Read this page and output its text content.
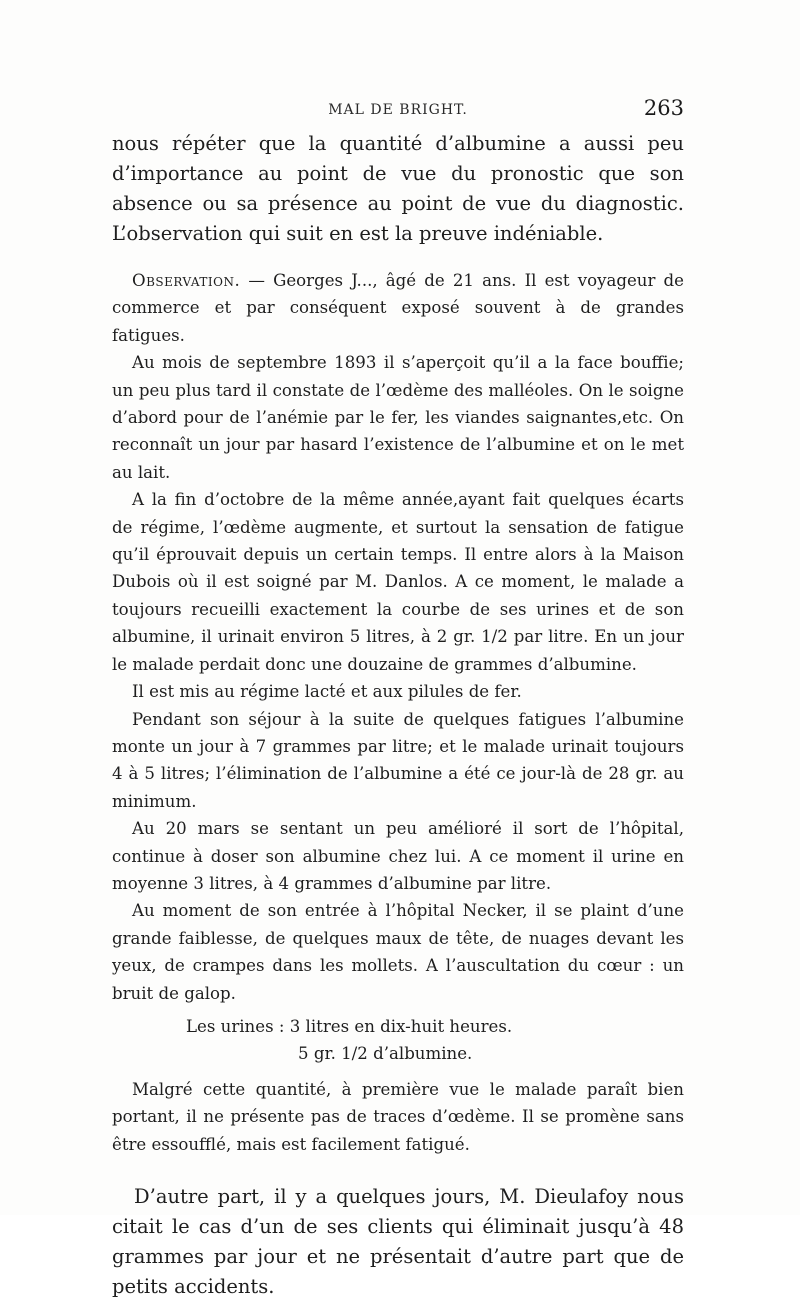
MAL DE BRIGHT.	263

nous répéter que la quantité d’albumine a aussi peu d’importance au point de vue du pronostic que son absence ou sa présence au point de vue du diagnostic. L’observation qui suit en est la preuve indéniable.

Observation. — Georges J..., âgé de 21 ans. Il est voyageur de commerce et par conséquent exposé souvent à de grandes fatigues.

Au mois de septembre 1893 il s’aperçoit qu’il a la face bouffie; un peu plus tard il constate de l’œdème des malléoles. On le soigne d’abord pour de l’anémie par le fer, les viandes saignantes,etc. On reconnaît un jour par hasard l’existence de l’albumine et on le met au lait.

A la fin d’octobre de la même année,ayant fait quelques écarts de régime, l’œdème augmente, et surtout la sensation de fatigue qu’il éprouvait depuis un certain temps. Il entre alors à la Maison Dubois où il est soigné par M. Danlos. A ce moment, le malade a toujours recueilli exactement la courbe de ses urines et de son albumine, il urinait environ 5 litres, à 2 gr. 1/2 par litre. En un jour le malade perdait donc une douzaine de grammes d’albumine.

Il est mis au régime lacté et aux pilules de fer.

Pendant son séjour à la suite de quelques fatigues l’albumine monte un jour à 7 grammes par litre; et le malade urinait toujours 4 à 5 litres; l’élimination de l’albumine a été ce jour-là de 28 gr. au minimum.

Au 20 mars se sentant un peu amélioré il sort de l’hôpital, continue à doser son albumine chez lui. A ce moment il urine en moyenne 3 litres, à 4 grammes d’albumine par litre.

Au moment de son entrée à l’hôpital Necker, il se plaint d’une grande faiblesse, de quelques maux de tête, de nuages devant les yeux, de crampes dans les mollets. A l’auscultation du cœur : un bruit de galop.

Les urines : 3 litres en dix-huit heures.
5 gr. 1/2 d’albumine.

Malgré cette quantité, à première vue le malade paraît bien portant, il ne présente pas de traces d’œdème. Il se promène sans être essoufflé, mais est facilement fatigué.

D’autre part, il y a quelques jours, M. Dieulafoy nous citait le cas d’un de ses clients qui éliminait jusqu’à 48 grammes par jour et ne présentait d’autre part que de petits accidents.
